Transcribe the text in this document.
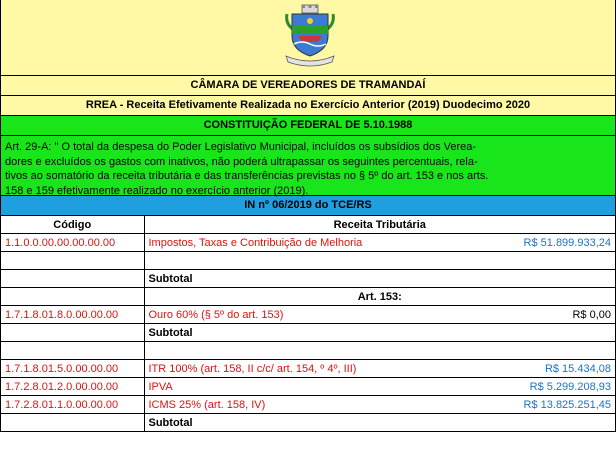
CÂMARA DE VEREADORES DE TRAMANDAÍ
RREA - Receita Efetivamente Realizada no Exercício Anterior (2019) Duodecimo 2020
CONSTITUIÇÃO FEDERAL DE 5.10.1988

Art. 29-A: " O total da despesa do Poder Legislativo Municipal, incluídos os subsídios dos Verea-

dores e excluídos os gastos com inativos, não poderá ultrapassar os seguintes percentuais, rela-

tivos ao somatório da receita tributária e das transferências previstas no § 5º do art. 153 e nos arts.

158 e 159 efetivamente realizado no exercício anterior (2019).

IN nº 06/2019 do TCE/RS
Código	Receita Tributária
1.1.0.0.00.00.00.00.00	Impostos, Taxas e Contribuição de Melhoria R$ 51.899.933,24

	Subtotal
	Art. 153:
1.7.1.8.01.8.0.00.00.00	Ouro 60% (§ 5º do art. 153) R$ 0,00

	Subtotal

1.7.1.8.01.5.0.00.00.00	ITR 100% (art. 158, II c/c/ art. 154, º 4º, III) R$ 15.434,08

1.7.2.8.01.2.0.00.00.00	IPVA R$ 5.299.208,93

1.7.2.8.01.1.0.00.00.00	ICMS 25% (art. 158, IV) R$ 13.825.251,45

	Subtotal
